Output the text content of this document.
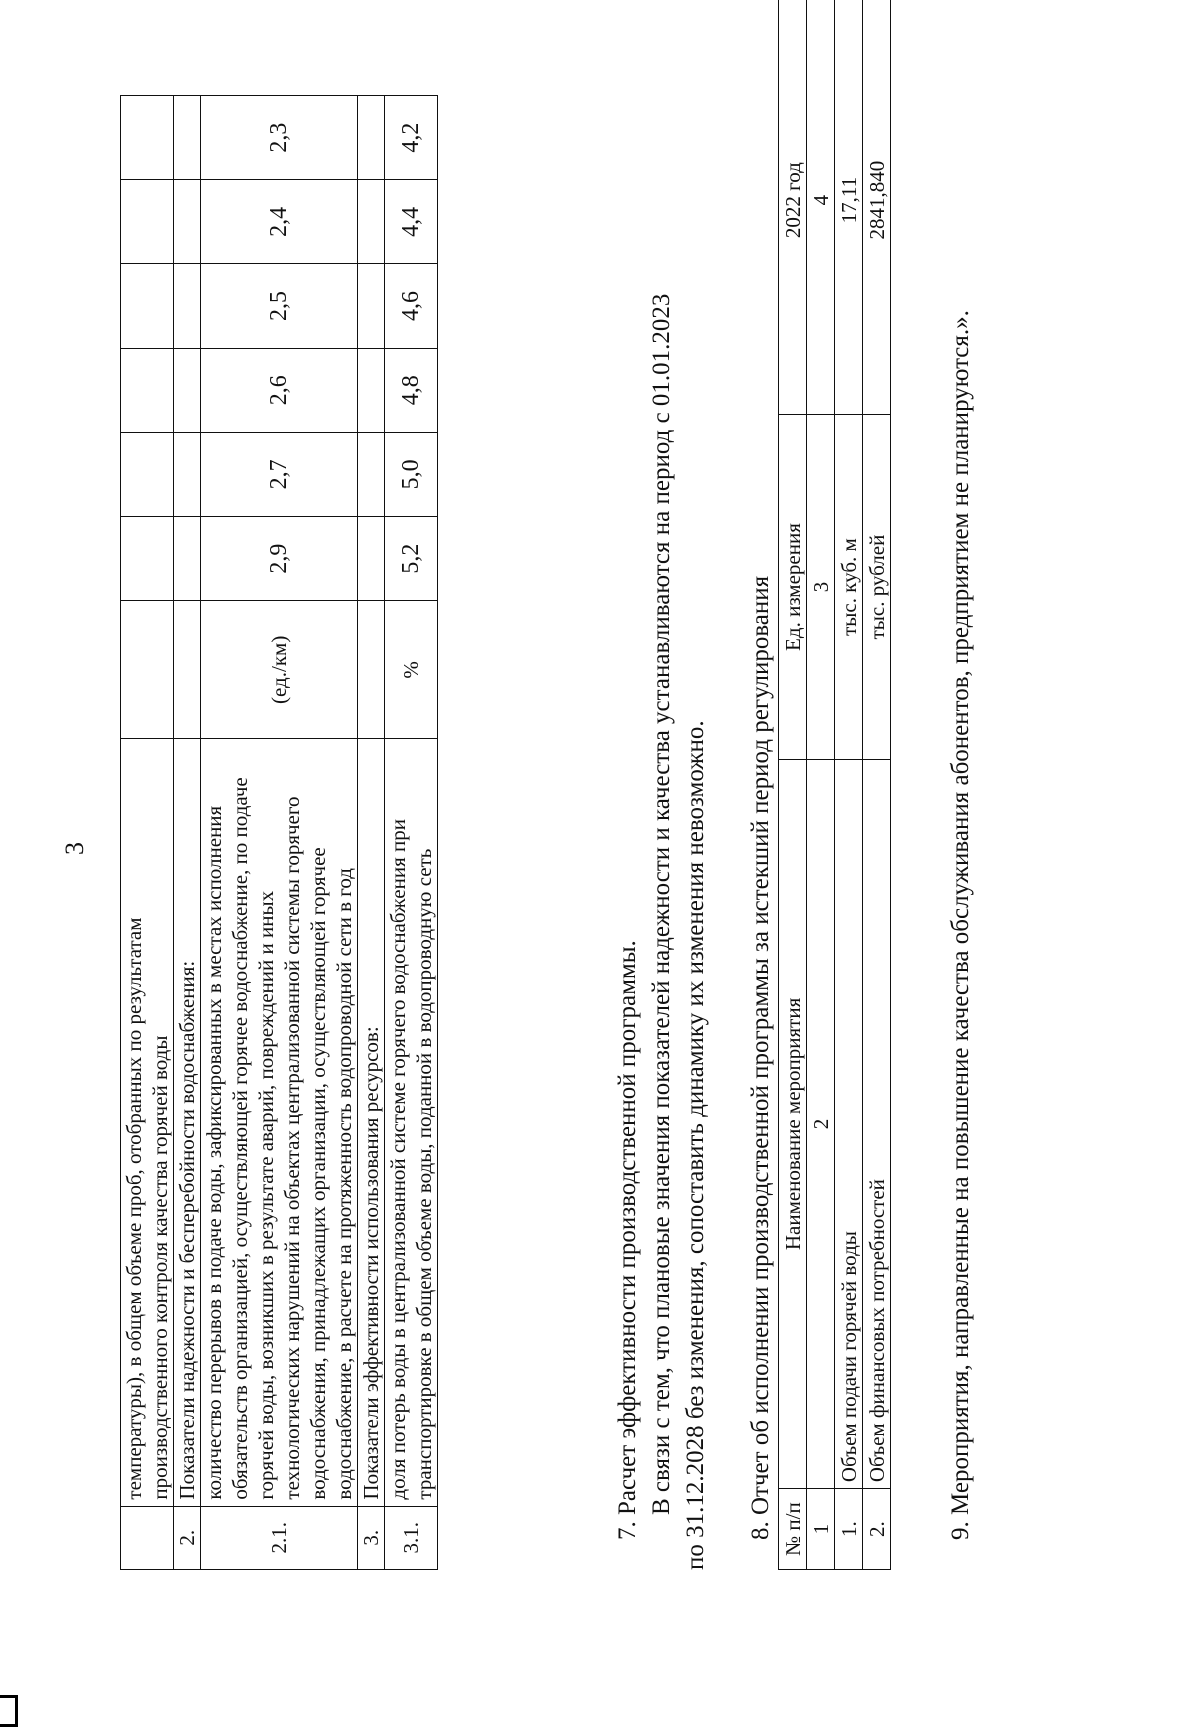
3
	температуры), в общем объеме проб, отобранных по результатам производственного контроля качества горячей воды							
2.	Показатели надежности и бесперебойности водоснабжения:							
2.1.	количество перерывов в подаче воды, зафиксированных в местах исполнения обязательств организацией, осуществляющей горячее водоснабжение, по подаче горячей воды, возникших в результате аварий, повреждений и иных технологических нарушений на объектах централизованной системы горячего водоснабжения, принадлежащих организации, осуществляющей горячее водоснабжение, в расчете на протяженность водопроводной сети в год	(ед./км)	2,9	2,7	2,6	2,5	2,4	2,3
3.	Показатели эффективности использования ресурсов:							
3.1.	доля потерь воды в централизованной системе горячего водоснабжения при транспортировке в общем объеме воды, поданной в водопроводную сеть	%	5,2	5,0	4,8	4,6	4,4	4,2
7. Расчет эффективности производственной программы. В связи с тем, что плановые значения показателей надежности и качества устанавливаются на период с 01.01.2023 по 31.12.2028 без изменения, сопоставить динамику их изменения невозможно. 8. Отчет об исполнении производственной программы за истекший период регулирования № п/п	Наименование мероприятия	Ед. измерения	2022 год
1	2	3	4
1.	Объем подачи горячей воды	тыс. куб. м	17,11
2.	Объем финансовых потребностей	тыс. рублей	2841,840
9. Мероприятия, направленные на повышение качества обслуживания абонентов, предприятием не планируются.».
